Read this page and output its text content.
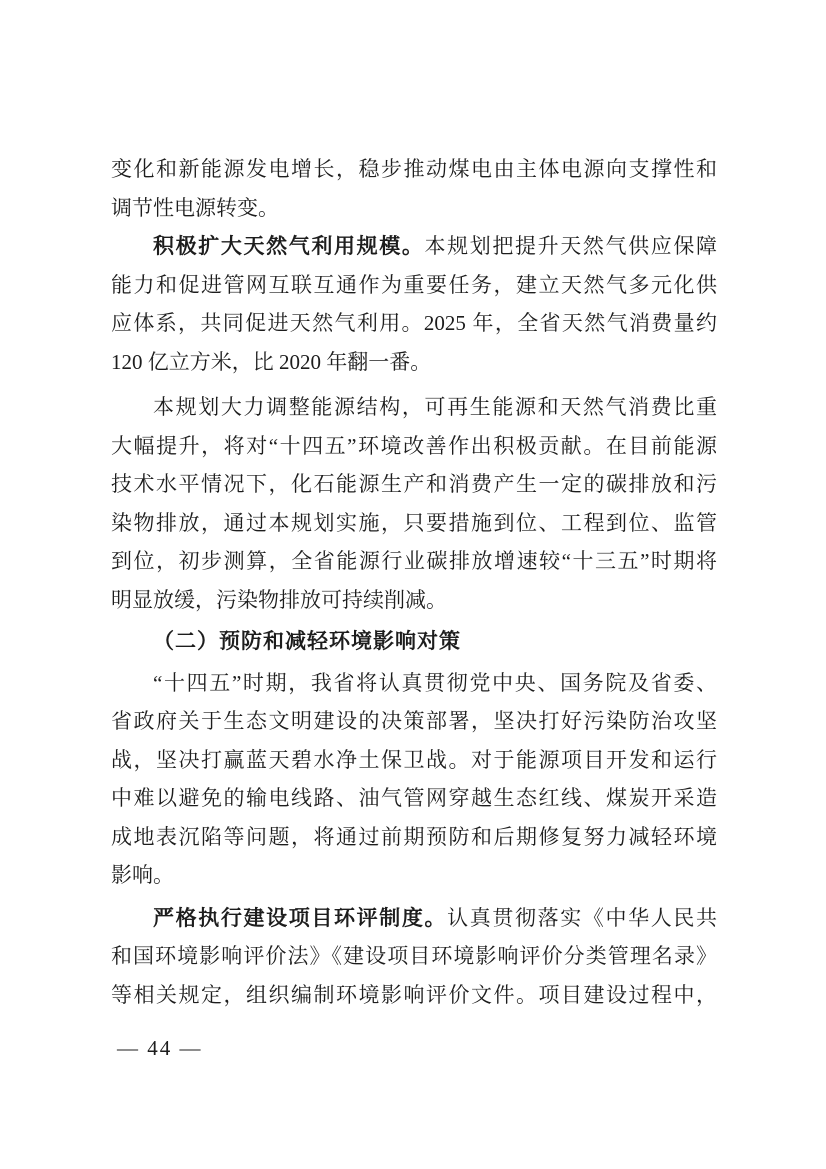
变化和新能源发电增长，稳步推动煤电由主体电源向支撑性和
调节性电源转变。
积极扩大天然气利用规模。本规划把提升天然气供应保障
能力和促进管网互联互通作为重要任务，建立天然气多元化供
应体系，共同促进天然气利用。2025 年，全省天然气消费量约
120 亿立方米，比 2020 年翻一番。
本规划大力调整能源结构，可再生能源和天然气消费比重
大幅提升，将对“十四五”环境改善作出积极贡献。在目前能源
技术水平情况下，化石能源生产和消费产生一定的碳排放和污
染物排放，通过本规划实施，只要措施到位、工程到位、监管
到位，初步测算，全省能源行业碳排放增速较“十三五”时期将
明显放缓，污染物排放可持续削减。
（二）预防和减轻环境影响对策
“十四五”时期，我省将认真贯彻党中央、国务院及省委、
省政府关于生态文明建设的决策部署，坚决打好污染防治攻坚
战，坚决打赢蓝天碧水净土保卫战。对于能源项目开发和运行
中难以避免的输电线路、油气管网穿越生态红线、煤炭开采造
成地表沉陷等问题，将通过前期预防和后期修复努力减轻环境
影响。
严格执行建设项目环评制度。认真贯彻落实《中华人民共
和国环境影响评价法》《建设项目环境影响评价分类管理名录》
等相关规定，组织编制环境影响评价文件。项目建设过程中，
— 44 —
